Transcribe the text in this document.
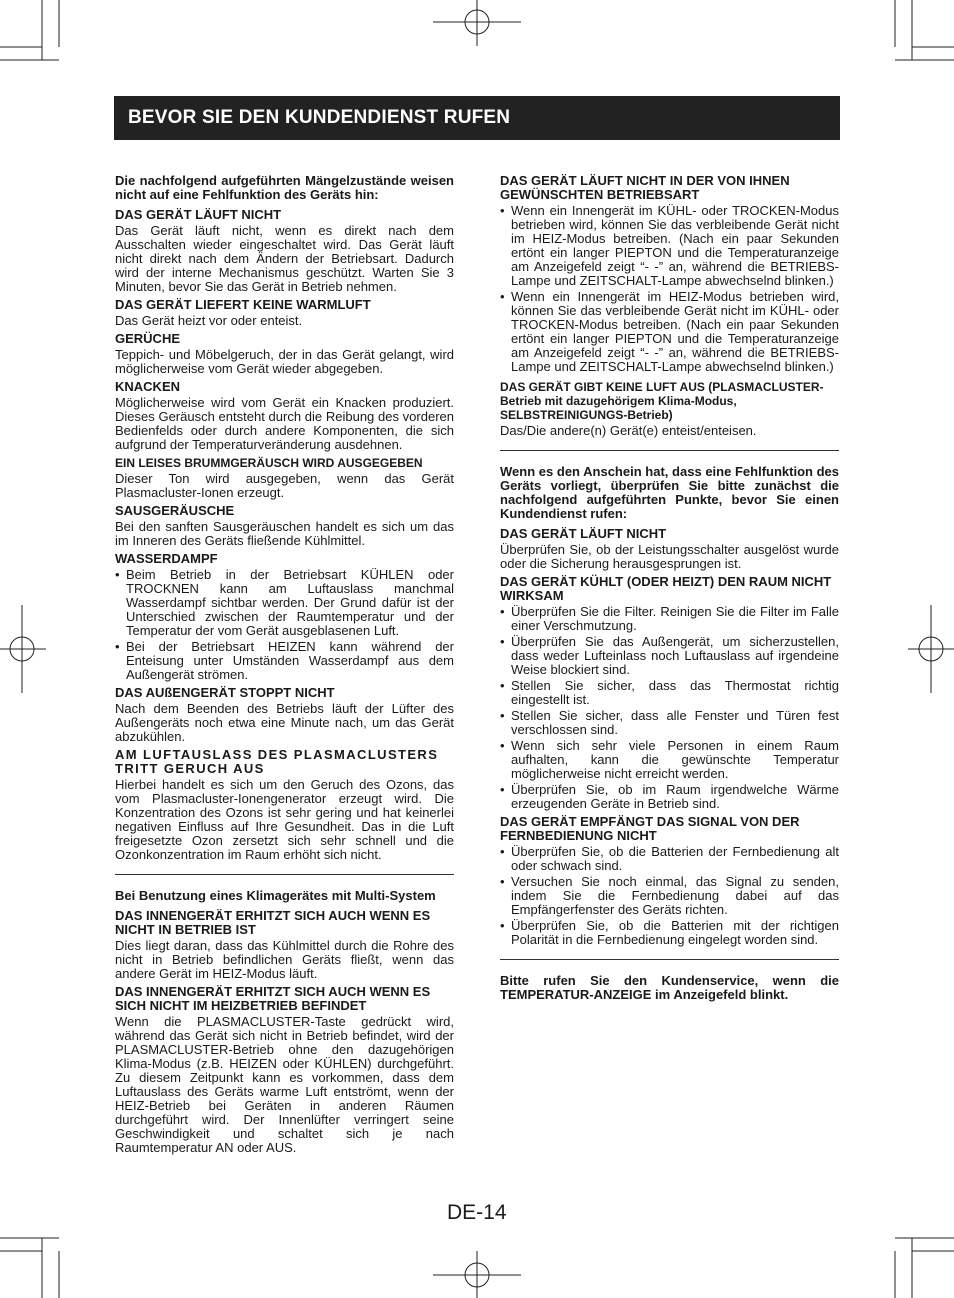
BEVOR SIE DEN KUNDENDIENST RUFEN
Die nachfolgend aufgeführten Mängelzustände weisen nicht auf eine Fehlfunktion des Geräts hin:
DAS GERÄT LÄUFT NICHT
Das Gerät läuft nicht, wenn es direkt nach dem Ausschalten wieder eingeschaltet wird. Das Gerät läuft nicht direkt nach dem Ändern der Betriebsart. Dadurch wird der interne Mechanismus geschützt. Warten Sie 3 Minuten, bevor Sie das Gerät in Betrieb nehmen.
DAS GERÄT LIEFERT KEINE WARMLUFT
Das Gerät heizt vor oder enteist.
GERÜCHE
Teppich- und Möbelgeruch, der in das Gerät gelangt, wird möglicherweise vom Gerät wieder abgegeben.
KNACKEN
Möglicherweise wird vom Gerät ein Knacken produziert. Dieses Geräusch entsteht durch die Reibung des vorderen Bedienfelds oder durch andere Komponenten, die sich aufgrund der Temperaturveränderung ausdehnen.
EIN LEISES BRUMMGERÄUSCH WIRD AUSGEGEBEN
Dieser Ton wird ausgegeben, wenn das Gerät Plasmacluster-Ionen erzeugt.
SAUSGERÄUSCHE
Bei den sanften Sausgeräuschen handelt es sich um das im Inneren des Geräts fließende Kühlmittel.
WASSERDAMPF
• Beim Betrieb in der Betriebsart KÜHLEN oder TROCKNEN kann am Luftauslass manchmal Wasserdampf sichtbar werden. Der Grund dafür ist der Unterschied zwischen der Raumtemperatur und der Temperatur der vom Gerät ausgeblasenen Luft.
• Bei der Betriebsart HEIZEN kann während der Enteisung unter Umständen Wasserdampf aus dem Außengerät strömen.
DAS AUßENGERÄT STOPPT NICHT
Nach dem Beenden des Betriebs läuft der Lüfter des Außengeräts noch etwa eine Minute nach, um das Gerät abzukühlen.
AM LUFTAUSLASS DES PLASMACLUSTERS TRITT GERUCH AUS
Hierbei handelt es sich um den Geruch des Ozons, das vom Plasmacluster-Ionengenerator erzeugt wird. Die Konzentration des Ozons ist sehr gering und hat keinerlei negativen Einfluss auf Ihre Gesundheit. Das in die Luft freigesetzte Ozon zersetzt sich sehr schnell und die Ozonkonzentration im Raum erhöht sich nicht.
Bei Benutzung eines Klimagerätes mit Multi-System
DAS INNENGERÄT ERHITZT SICH AUCH WENN ES NICHT IN BETRIEB IST
Dies liegt daran, dass das Kühlmittel durch die Rohre des nicht in Betrieb befindlichen Geräts fließt, wenn das andere Gerät im HEIZ-Modus läuft.
DAS INNENGERÄT ERHITZT SICH AUCH WENN ES SICH NICHT IM HEIZBETRIEB BEFINDET
Wenn die PLASMACLUSTER-Taste gedrückt wird, während das Gerät sich nicht in Betrieb befindet, wird der PLASMACLUSTER-Betrieb ohne den dazugehörigen Klima-Modus (z.B. HEIZEN oder KÜHLEN) durchgeführt. Zu diesem Zeitpunkt kann es vorkommen, dass dem Luftauslass des Geräts warme Luft entströmt, wenn der HEIZ-Betrieb bei Geräten in anderen Räumen durchgeführt wird. Der Innenlüfter verringert seine Geschwindigkeit und schaltet sich je nach Raumtemperatur AN oder AUS.
DAS GERÄT LÄUFT NICHT IN DER VON IHNEN GEWÜNSCHTEN BETRIEBSART
• Wenn ein Innengerät im KÜHL- oder TROCKEN-Modus betrieben wird, können Sie das verbleibende Gerät nicht im HEIZ-Modus betreiben. (Nach ein paar Sekunden ertönt ein langer PIEPTON und die Temperaturanzeige am Anzeigefeld zeigt “- -” an, während die BETRIEBS-Lampe und ZEITSCHALT-Lampe abwechselnd blinken.)
• Wenn ein Innengerät im HEIZ-Modus betrieben wird, können Sie das verbleibende Gerät nicht im KÜHL- oder TROCKEN-Modus betreiben. (Nach ein paar Sekunden ertönt ein langer PIEPTON und die Temperaturanzeige am Anzeigefeld zeigt “- -” an, während die BETRIEBS-Lampe und ZEITSCHALT-Lampe abwechselnd blinken.)
DAS GERÄT GIBT KEINE LUFT AUS (PLASMACLUSTER-Betrieb mit dazugehörigem Klima-Modus, SELBSTREINIGUNGS-Betrieb)
Das/Die andere(n) Gerät(e) enteist/enteisen.
Wenn es den Anschein hat, dass eine Fehlfunktion des Geräts vorliegt, überprüfen Sie bitte zunächst die nachfolgend aufgeführten Punkte, bevor Sie einen Kundendienst rufen:
DAS GERÄT LÄUFT NICHT
Überprüfen Sie, ob der Leistungsschalter ausgelöst wurde oder die Sicherung herausgesprungen ist.
DAS GERÄT KÜHLT (ODER HEIZT) DEN RAUM NICHT WIRKSAM
• Überprüfen Sie die Filter. Reinigen Sie die Filter im Falle einer Verschmutzung.
• Überprüfen Sie das Außengerät, um sicherzustellen, dass weder Lufteinlass noch Luftauslass auf irgendeine Weise blockiert sind.
• Stellen Sie sicher, dass das Thermostat richtig eingestellt ist.
• Stellen Sie sicher, dass alle Fenster und Türen fest verschlossen sind.
• Wenn sich sehr viele Personen in einem Raum aufhalten, kann die gewünschte Temperatur möglicherweise nicht erreicht werden.
• Überprüfen Sie, ob im Raum irgendwelche Wärme erzeugenden Geräte in Betrieb sind.
DAS GERÄT EMPFÄNGT DAS SIGNAL VON DER FERNBEDIENUNG NICHT
• Überprüfen Sie, ob die Batterien der Fernbedienung alt oder schwach sind.
• Versuchen Sie noch einmal, das Signal zu senden, indem Sie die Fernbedienung dabei auf das Empfängerfenster des Geräts richten.
• Überprüfen Sie, ob die Batterien mit der richtigen Polarität in die Fernbedienung eingelegt worden sind.
Bitte rufen Sie den Kundenservice, wenn die TEMPERATUR-ANZEIGE im Anzeigefeld blinkt.
DE-14
